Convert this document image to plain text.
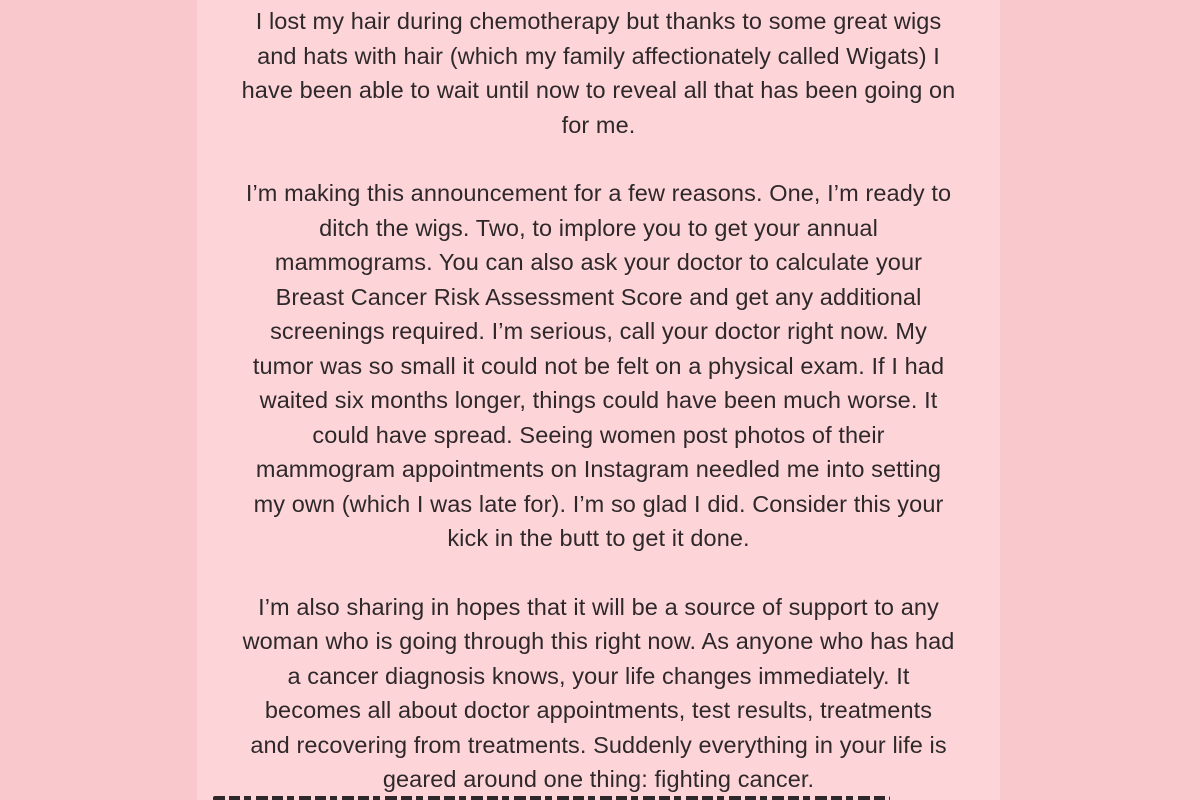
I lost my hair during chemotherapy but thanks to some great wigs
and hats with hair (which my family affectionately called Wigats) I
have been able to wait until now to reveal all that has been going on
for me.
I’m making this announcement for a few reasons. One, I’m ready to
ditch the wigs. Two, to implore you to get your annual
mammograms. You can also ask your doctor to calculate your
Breast Cancer Risk Assessment Score and get any additional
screenings required. I’m serious, call your doctor right now. My
tumor was so small it could not be felt on a physical exam. If I had
waited six months longer, things could have been much worse. It
could have spread. Seeing women post photos of their
mammogram appointments on Instagram needled me into setting
my own (which I was late for). I’m so glad I did. Consider this your
kick in the butt to get it done.
I’m also sharing in hopes that it will be a source of support to any
woman who is going through this right now. As anyone who has had
a cancer diagnosis knows, your life changes immediately. It
becomes all about doctor appointments, test results, treatments
and recovering from treatments. Suddenly everything in your life is
geared around one thing: fighting cancer.
